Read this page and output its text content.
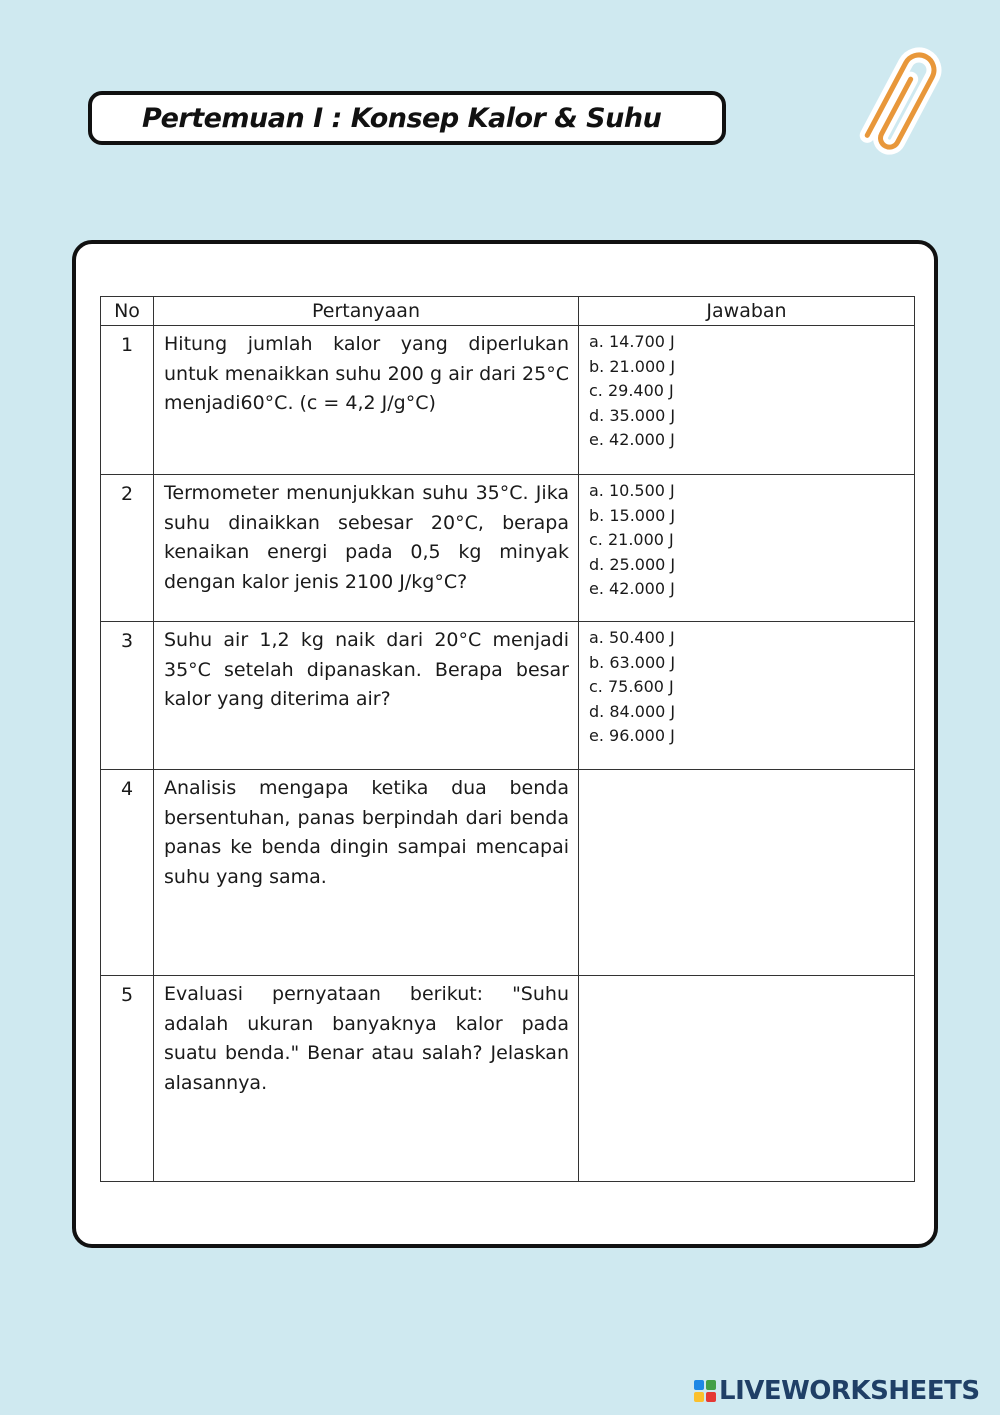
Pertemuan I : Konsep Kalor & Suhu
No	Pertanyaan	Jawaban
1	Hitung jumlah kalor yang diperlukan untuk menaikkan suhu 200 g air dari 25°C menjadi60°C. (c = 4,2 J/g°C)	a. 14.700 J
b. 21.000 J
c. 29.400 J
d. 35.000 J
e. 42.000 J

2	Termometer menunjukkan suhu 35°C. Jika suhu dinaikkan sebesar 20°C, berapa kenaikan energi pada 0,5 kg minyak dengan kalor jenis 2100 J/kg°C?	a. 10.500 J
b. 15.000 J
c. 21.000 J
d. 25.000 J
e. 42.000 J

3	Suhu air 1,2 kg naik dari 20°C menjadi 35°C setelah dipanaskan. Berapa besar kalor yang diterima air?	a. 50.400 J
b. 63.000 J
c. 75.600 J
d. 84.000 J
e. 96.000 J

4	Analisis mengapa ketika dua benda bersentuhan, panas berpindah dari benda panas ke benda dingin sampai mencapai suhu yang sama.	
5	Evaluasi pernyataan berikut: "Suhu adalah ukuran banyaknya kalor pada suatu benda." Benar atau salah? Jelaskan alasannya.	
LIVEWORKSHEETS
